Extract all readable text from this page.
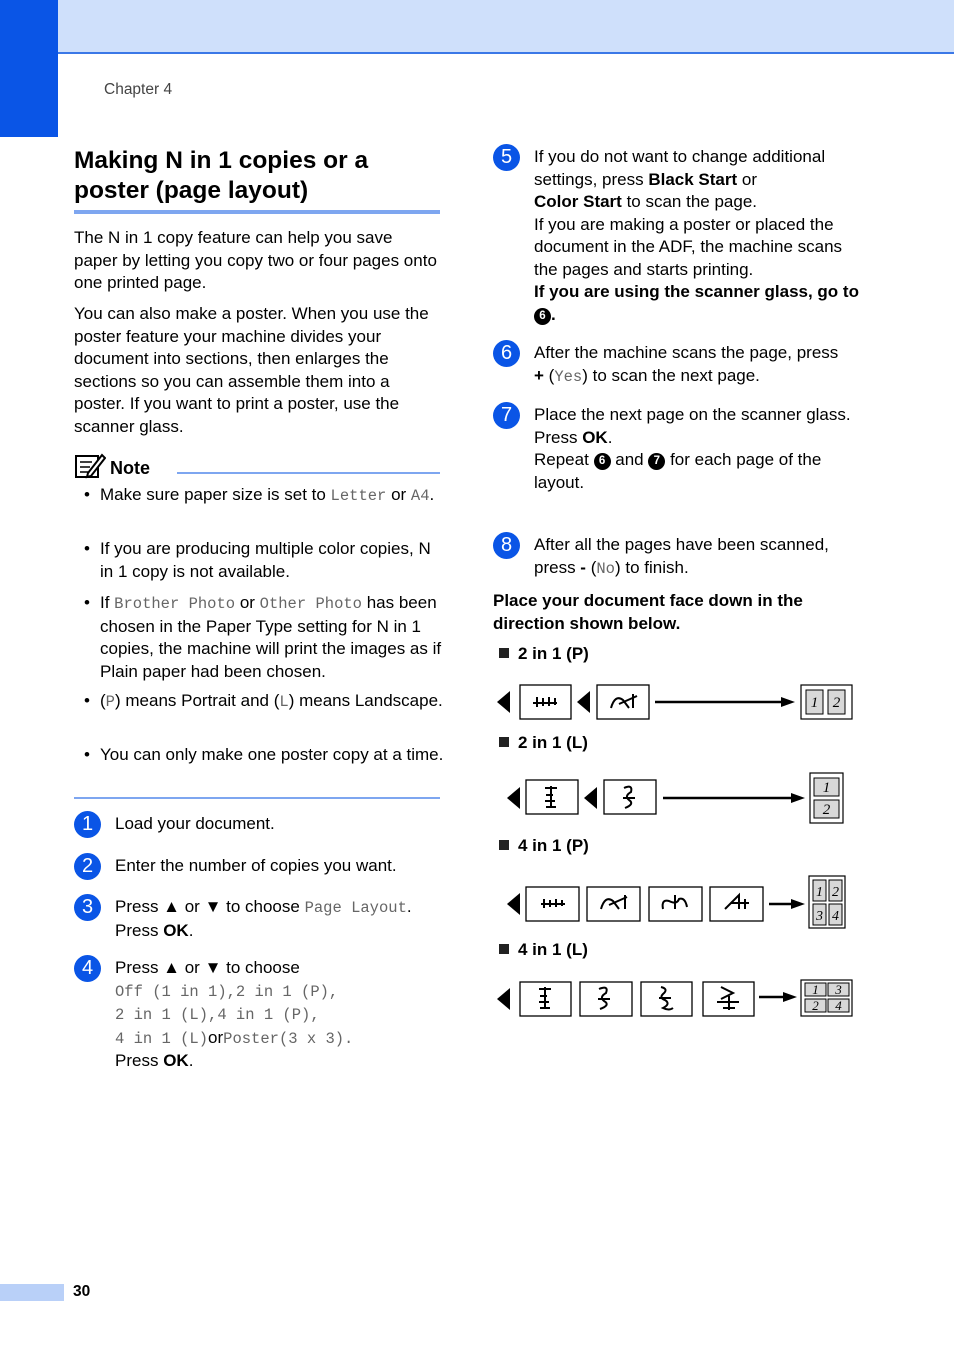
Chapter 4
30
Making N in 1 copies or a poster (page layout)
The N in 1 copy feature can help you save paper by letting you copy two or four pages onto one printed page.
You can also make a poster. When you use the poster feature your machine divides your document into sections, then enlarges the sections so you can assemble them into a poster. If you want to print a poster, use the scanner glass.
Note
• Make sure paper size is set to Letter or A4.
• If you are producing multiple color copies, N in 1 copy is not available.
• If Brother Photo or Other Photo has been chosen in the Paper Type setting for N in 1 copies, the machine will print the images as if Plain paper had been chosen.
• (P) means Portrait and (L) means Landscape.
• You can only make one poster copy at a time.
1	Load your document.
2	Enter the number of copies you want.
3	Press ▲ or ▼ to choose Page Layout.
Press OK.
4	Press ▲ or ▼ to choose
Off (1 in 1),2 in 1 (P),
2 in 1 (L),4 in 1 (P),
4 in 1 (L)orPoster(3 x 3).
Press OK.
5	If you do not want to change additional settings, press Black Start or
Color Start to scan the page.
If you are making a poster or placed the document in the ADF, the machine scans the pages and starts printing.
If you are using the scanner glass, go to 6 .
6	After the machine scans the page, press
+ (Yes) to scan the next page.
7	Place the next page on the scanner glass.
Press OK.
Repeat 6 and 7 for each page of the layout.
8	After all the pages have been scanned, press - (No) to finish.
Place your document face down in the direction shown below.
2 in 1 (P)
1 2
2 in 1 (L)
1
2
4 in 1 (P)
1 2
3 4
4 in 1 (L)
1 3
2 4
